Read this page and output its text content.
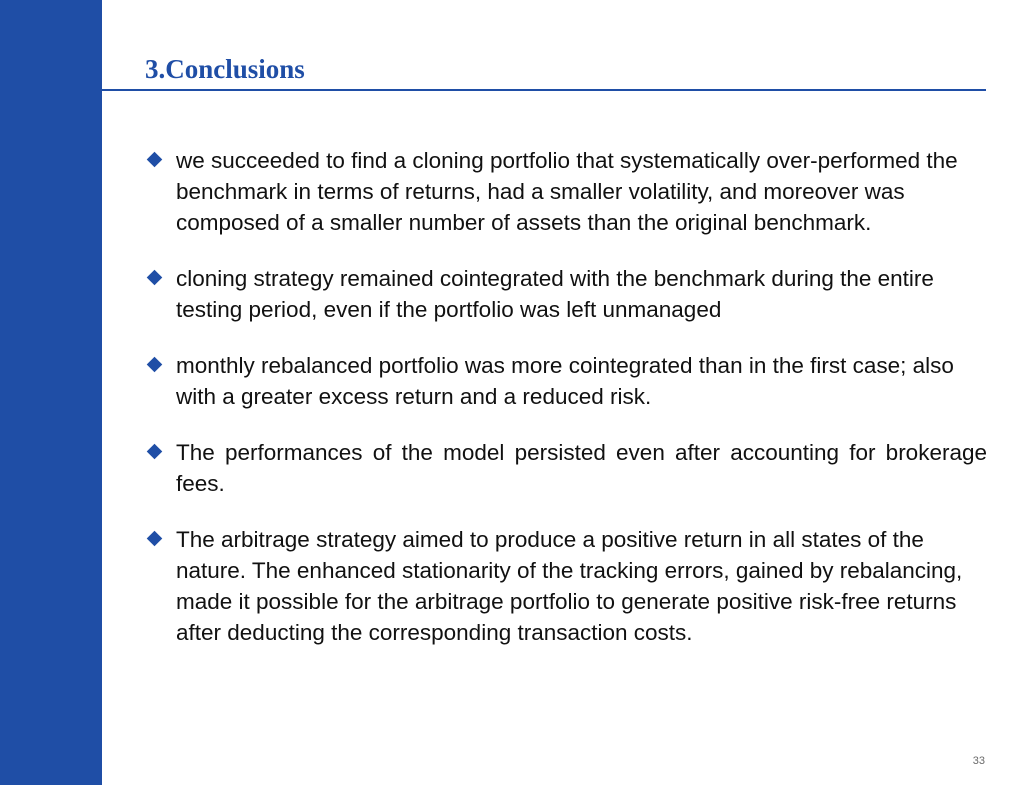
3.Conclusions
we succeeded to find a cloning portfolio that systematically over-performed the benchmark in terms of returns, had a smaller volatility, and moreover was composed of a smaller number of assets than the original benchmark.
cloning strategy remained cointegrated with the benchmark during the entire testing period, even if the portfolio was left unmanaged
monthly rebalanced portfolio was more cointegrated than in the first case; also with a greater excess return and a reduced risk.
The performances of the model persisted even after accounting for brokerage fees.
The arbitrage strategy aimed to produce a positive return in all states of the nature. The enhanced stationarity of the tracking errors, gained by rebalancing, made it possible for the arbitrage portfolio to generate positive risk-free returns after deducting the corresponding transaction costs.
33
